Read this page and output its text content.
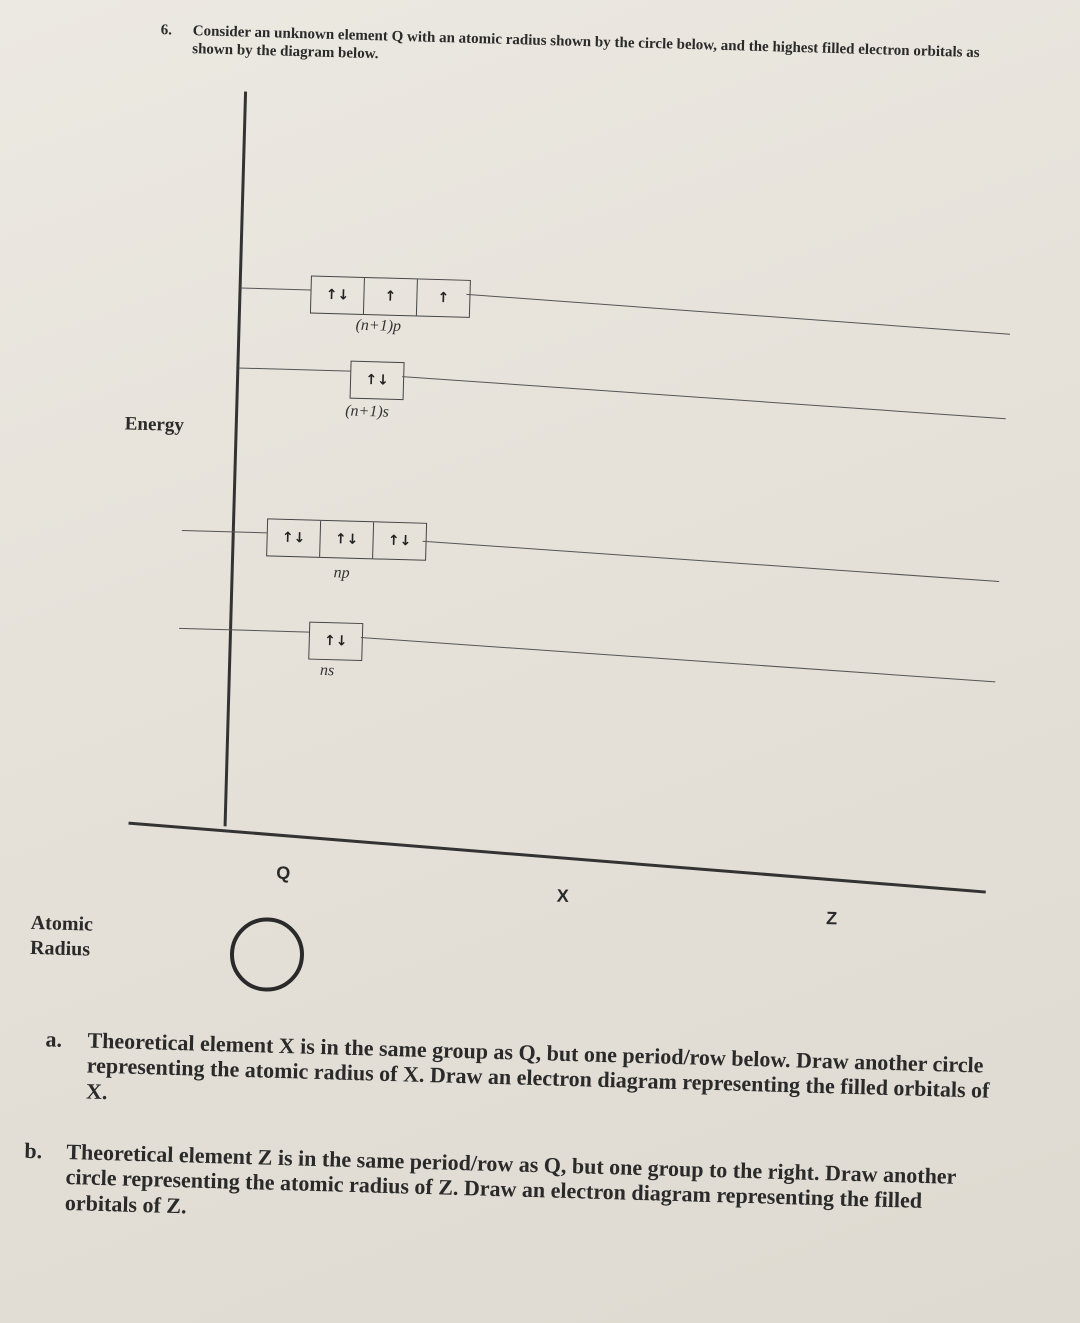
6. Consider an unknown element Q with an atomic radius shown by the circle below, and the highest filled electron orbitals as shown by the diagram below.
Energy
↑↓	↑	↑
(n+1)p
↑↓
(n+1)s
↑↓	↑↓	↑↓
np
↑↓
ns
Q
X
Z
Atomic
Radius
a. Theoretical element X is in the same group as Q, but one period/row below. Draw another circle representing the atomic radius of X. Draw an electron diagram representing the filled orbitals of X.
b. Theoretical element Z is in the same period/row as Q, but one group to the right. Draw another circle representing the atomic radius of Z. Draw an electron diagram representing the filled orbitals of Z.
